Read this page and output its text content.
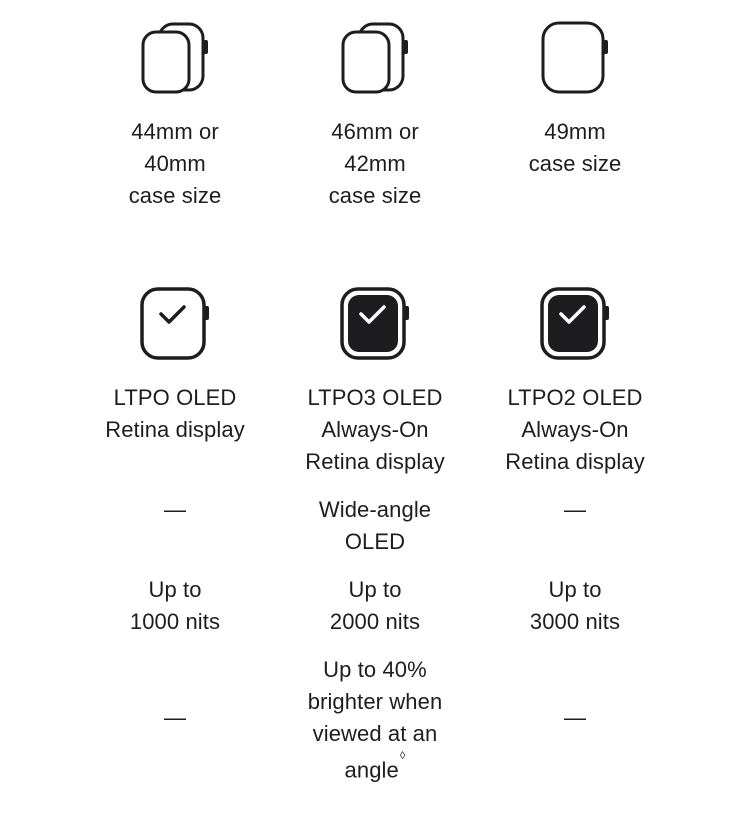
44mm or
40mm
case size
LTPO OLED
Retina display
—
Up to
1000 nits
—
46mm or
42mm
case size
LTPO3 OLED
Always-On
Retina display
Wide-angle
OLED
Up to
2000 nits
Up to 40%
brighter when
viewed at an
angle◊
49mm
case size
LTPO2 OLED
Always-On
Retina display
—
Up to
3000 nits
—
